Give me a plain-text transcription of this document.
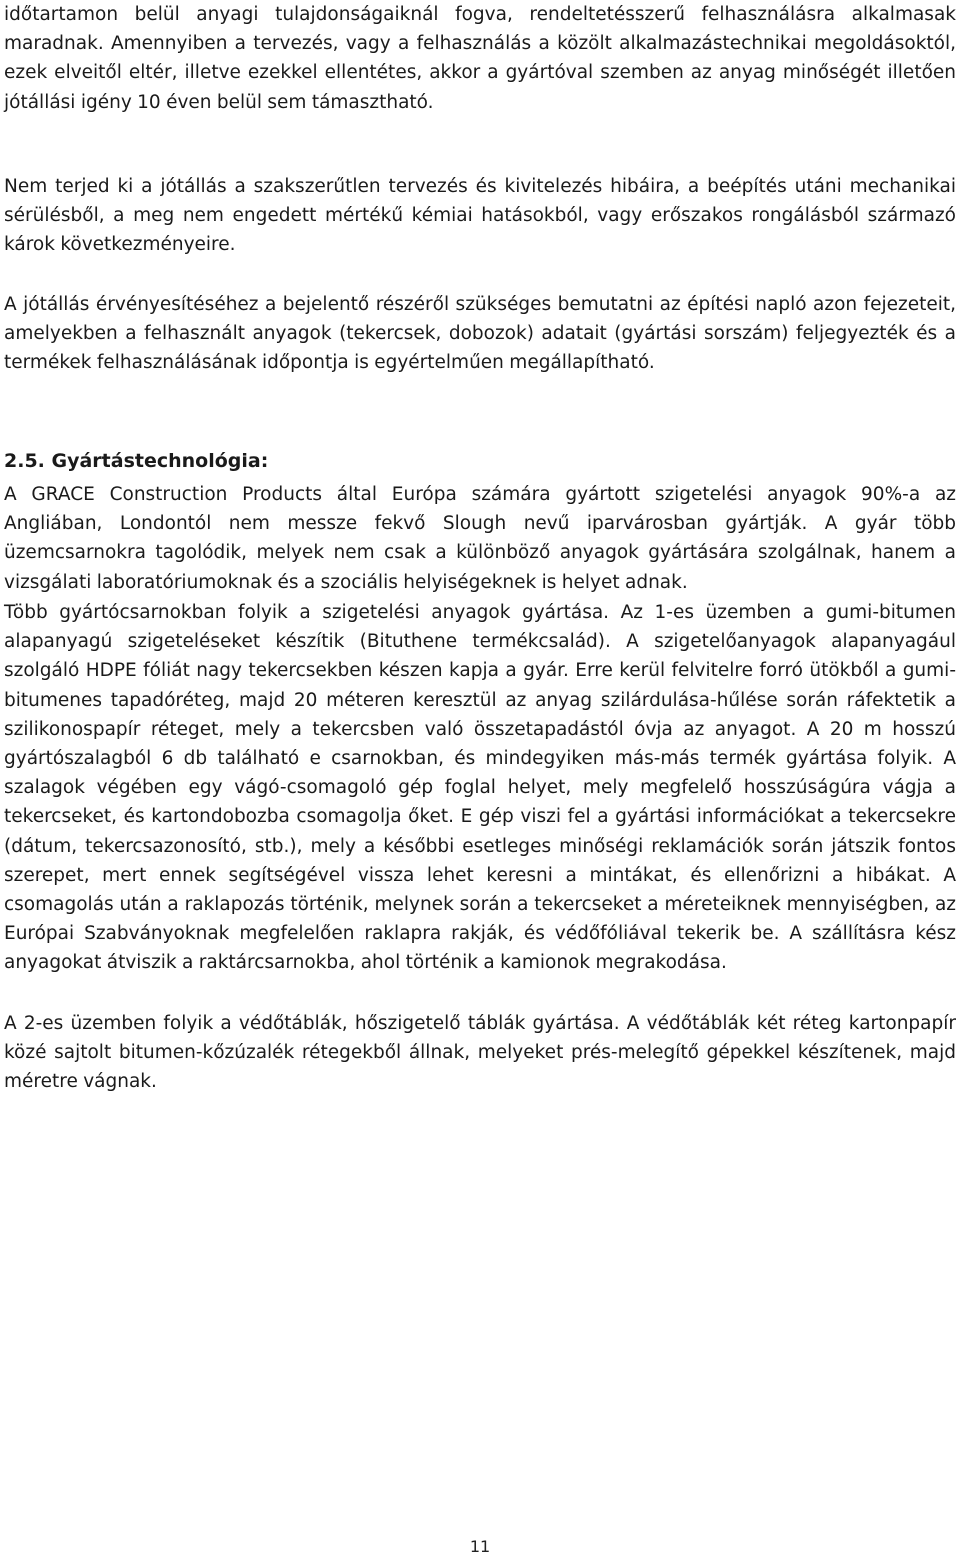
időtartamon belül anyagi tulajdonságaiknál fogva, rendeltetésszerű felhasználásra alkalmasak maradnak. Amennyiben a tervezés, vagy a felhasználás a közölt alkalmazástechnikai megoldásoktól, ezek elveitől eltér, illetve ezekkel ellentétes, akkor a gyártóval szemben az anyag minőségét illetően jótállási igény 10 éven belül sem támasztható.

Nem terjed ki a jótállás a szakszerűtlen tervezés és kivitelezés hibáira, a beépítés utáni mechanikai sérülésből, a meg nem engedett mértékű kémiai hatásokból, vagy erőszakos rongálásból származó károk következményeire.

A jótállás érvényesítéséhez a bejelentő részéről szükséges bemutatni az építési napló azon fejezeteit, amelyekben a felhasznált anyagok (tekercsek, dobozok) adatait (gyártási sorszám) feljegyezték és a termékek felhasználásának időpontja is egyértelműen megállapítható.

2.5. Gyártástechnológia:

A GRACE Construction Products által Európa számára gyártott szigetelési anyagok 90%-a az Angliában, Londontól nem messze fekvő Slough nevű iparvárosban gyártják. A gyár több üzemcsarnokra tagolódik, melyek nem csak a különböző anyagok gyártására szolgálnak, hanem a vizsgálati laboratóriumoknak és a szociális helyiségeknek is helyet adnak.

Több gyártócsarnokban folyik a szigetelési anyagok gyártása. Az 1-es üzemben a gumi-bitumen alapanyagú szigeteléseket készítik (Bituthene termékcsalád). A szigetelőanyagok alapanyagául szolgáló HDPE fóliát nagy tekercsekben készen kapja a gyár. Erre kerül felvitelre forró ütökből a gumi-bitumenes tapadóréteg, majd 20 méteren keresztül az anyag szilárdulása-hűlése során ráfektetik a szilikonospapír réteget, mely a tekercsben való összetapadástól óvja az anyagot. A 20 m hosszú gyártószalagból 6 db található e csarnokban, és mindegyiken más-más termék gyártása folyik. A szalagok végében egy vágó-csomagoló gép foglal helyet, mely megfelelő hosszúságúra vágja a tekercseket, és kartondobozba csomagolja őket. E gép viszi fel a gyártási információkat a tekercsekre (dátum, tekercsazonosító, stb.), mely a későbbi esetleges minőségi reklamációk során játszik fontos szerepet, mert ennek segítségével vissza lehet keresni a mintákat, és ellenőrizni a hibákat. A csomagolás után a raklapozás történik, melynek során a tekercseket a méreteiknek mennyiségben, az Európai Szabványoknak megfelelően raklapra rakják, és védőfóliával tekerik be. A szállításra kész anyagokat átviszik a raktárcsarnokba, ahol történik a kamionok megrakodása.

A 2-es üzemben folyik a védőtáblák, hőszigetelő táblák gyártása. A védőtáblák két réteg kartonpapír közé sajtolt bitumen-kőzúzalék rétegekből állnak, melyeket prés-melegítő gépekkel készítenek, majd méretre vágnak.

11
